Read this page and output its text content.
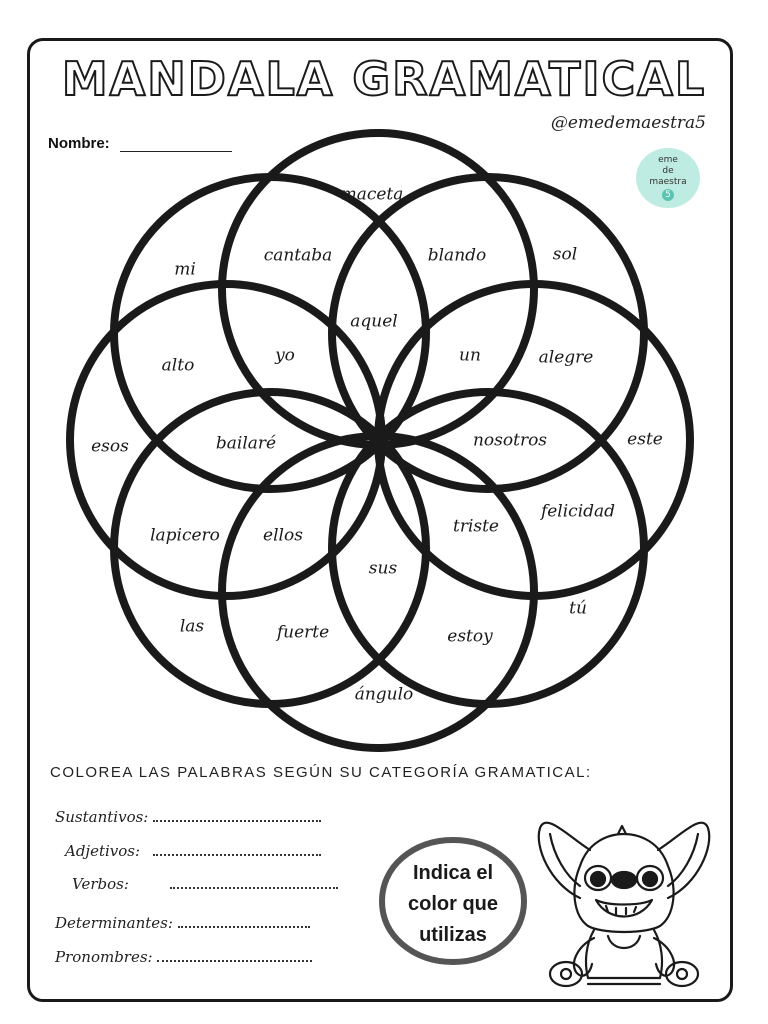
MANDALA GRAMATICAL
@emedemaestra5
Nombre:
eme
de
maestra
5
maceta
cantaba	blando
mi
sol
aquel
alto	yo	un	alegre
esos	bailaré	nosotros	este
lapicero	ellos	triste
felicidad
sus
las	fuerte	estoy
tú
ángulo
COLOREA LAS PALABRAS SEGÚN SU CATEGORÍA GRAMATICAL:
Sustantivos:
Adjetivos:
Verbos:
Determinantes:
Pronombres:
Indica el
color que
utilizas
